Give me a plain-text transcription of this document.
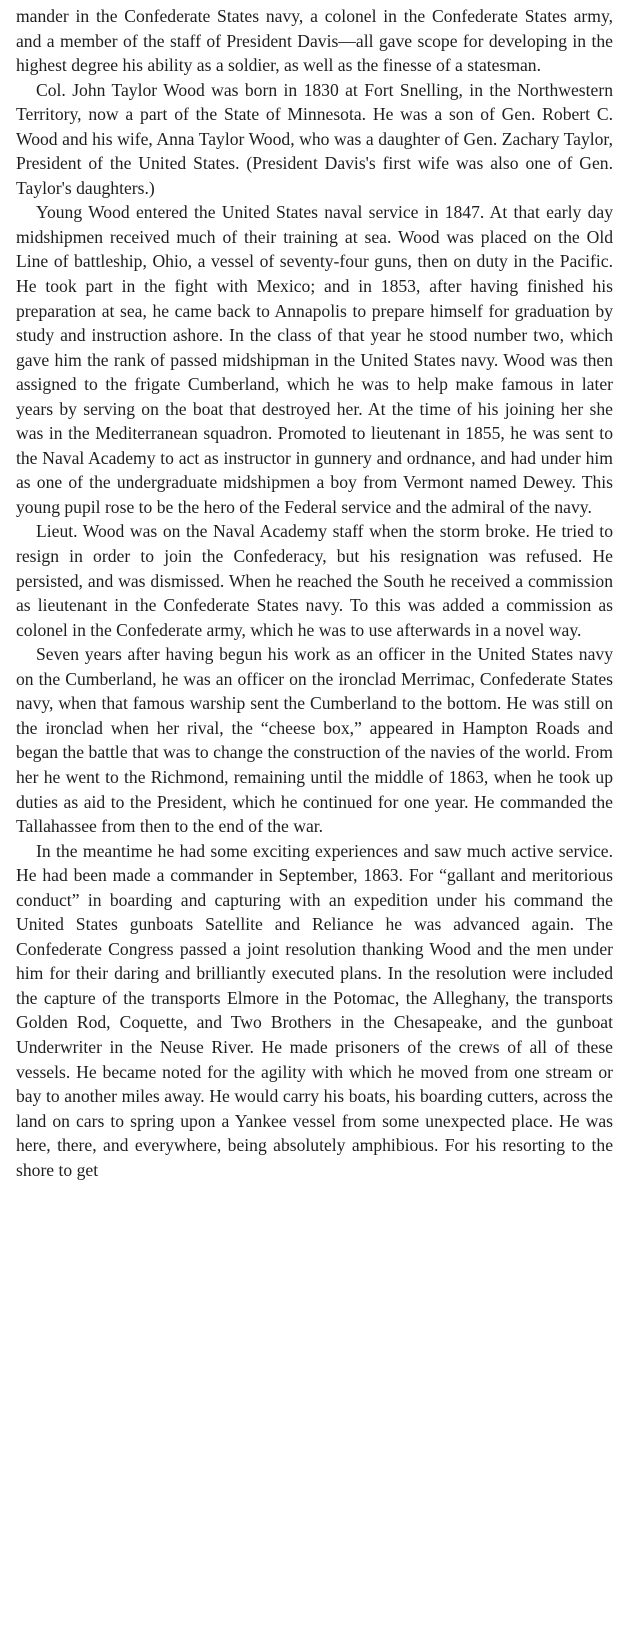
mander in the Confederate States navy, a colonel in the Confederate States army, and a member of the staff of President Davis—all gave scope for developing in the highest degree his ability as a soldier, as well as the finesse of a statesman.

Col. John Taylor Wood was born in 1830 at Fort Snelling, in the Northwestern Territory, now a part of the State of Minnesota. He was a son of Gen. Robert C. Wood and his wife, Anna Taylor Wood, who was a daughter of Gen. Zachary Taylor, President of the United States. (President Davis's first wife was also one of Gen. Taylor's daughters.)

Young Wood entered the United States naval service in 1847. At that early day midshipmen received much of their training at sea. Wood was placed on the Old Line of battleship, Ohio, a vessel of seventy-four guns, then on duty in the Pacific. He took part in the fight with Mexico; and in 1853, after having finished his preparation at sea, he came back to Annapolis to prepare himself for graduation by study and instruction ashore. In the class of that year he stood number two, which gave him the rank of passed midshipman in the United States navy. Wood was then assigned to the frigate Cumberland, which he was to help make famous in later years by serving on the boat that destroyed her. At the time of his joining her she was in the Mediterranean squadron. Promoted to lieutenant in 1855, he was sent to the Naval Academy to act as instructor in gunnery and ordnance, and had under him as one of the undergraduate midshipmen a boy from Vermont named Dewey. This young pupil rose to be the hero of the Federal service and the admiral of the navy.

Lieut. Wood was on the Naval Academy staff when the storm broke. He tried to resign in order to join the Confederacy, but his resignation was refused. He persisted, and was dismissed. When he reached the South he received a commission as lieutenant in the Confederate States navy. To this was added a commission as colonel in the Confederate army, which he was to use afterwards in a novel way.

Seven years after having begun his work as an officer in the United States navy on the Cumberland, he was an officer on the ironclad Merrimac, Confederate States navy, when that famous warship sent the Cumberland to the bottom. He was still on the ironclad when her rival, the “cheese box,” appeared in Hampton Roads and began the battle that was to change the construction of the navies of the world. From her he went to the Richmond, remaining until the middle of 1863, when he took up duties as aid to the President, which he continued for one year. He commanded the Tallahassee from then to the end of the war.

In the meantime he had some exciting experiences and saw much active service. He had been made a commander in September, 1863. For “gallant and meritorious conduct” in boarding and capturing with an expedition under his command the United States gunboats Satellite and Reliance he was advanced again. The Confederate Congress passed a joint resolution thanking Wood and the men under him for their daring and brilliantly executed plans. In the resolution were included the capture of the transports Elmore in the Potomac, the Alleghany, the transports Golden Rod, Coquette, and Two Brothers in the Chesapeake, and the gunboat Underwriter in the Neuse River. He made prisoners of the crews of all of these vessels. He became noted for the agility with which he moved from one stream or bay to another miles away. He would carry his boats, his boarding cutters, across the land on cars to spring upon a Yankee vessel from some unexpected place. He was here, there, and everywhere, being absolutely amphibious. For his resorting to the shore to get
